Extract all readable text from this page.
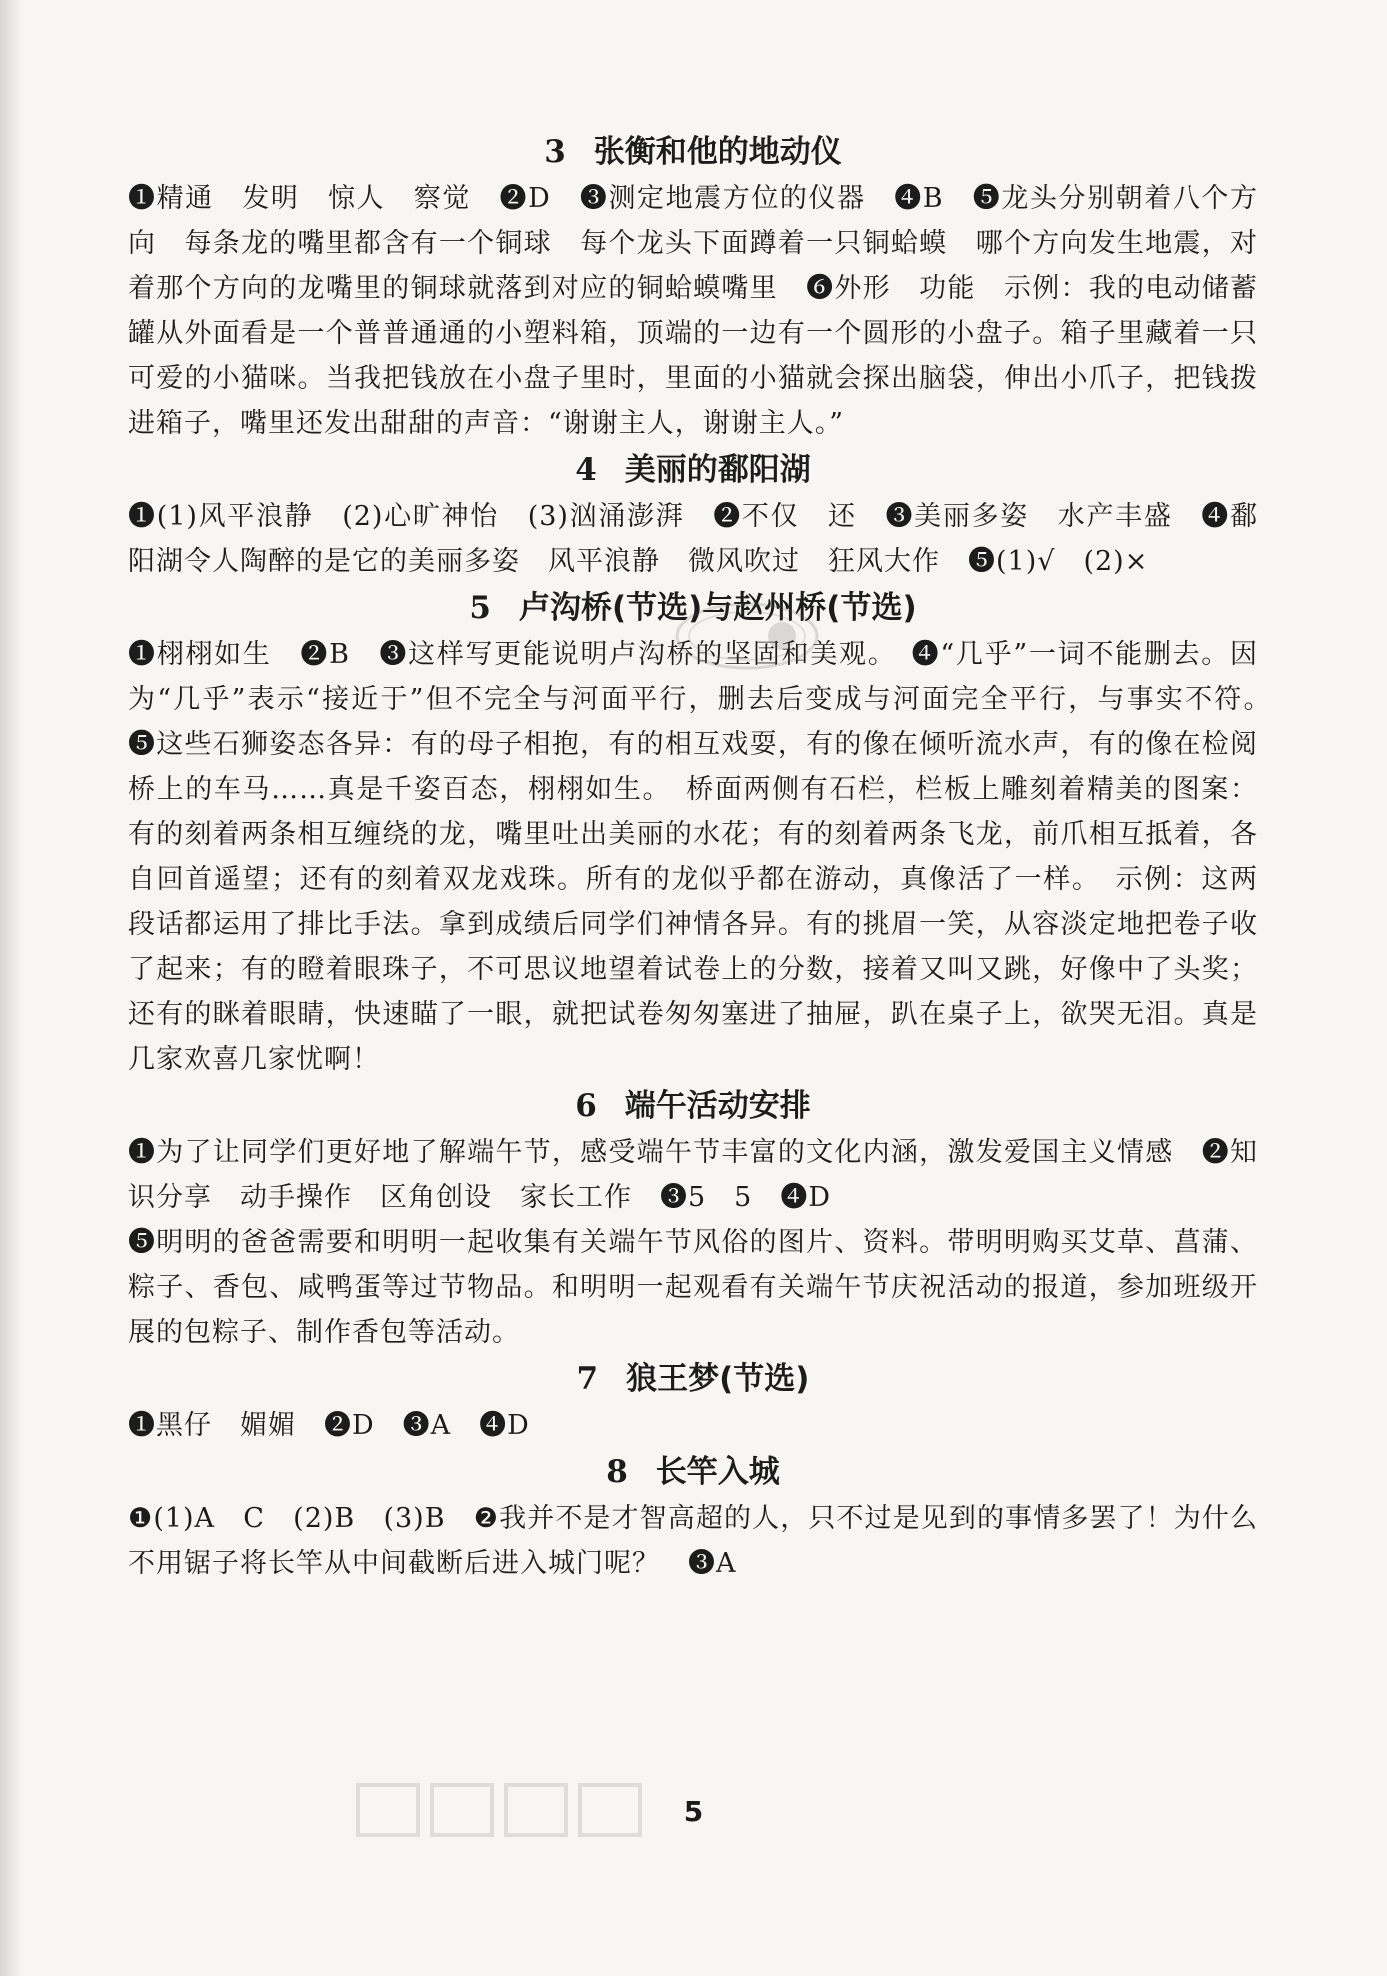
3 张衡和他的地动仪

❶精通　发明　惊人　察觉　❷D　❸测定地震方位的仪器　❹B　❺龙头分别朝着八个方向　每条龙的嘴里都含有一个铜球　每个龙头下面蹲着一只铜蛤蟆　哪个方向发生地震，对着那个方向的龙嘴里的铜球就落到对应的铜蛤蟆嘴里　❻外形　功能　示例：我的电动储蓄罐从外面看是一个普普通通的小塑料箱，顶端的一边有一个圆形的小盘子。箱子里藏着一只可爱的小猫咪。当我把钱放在小盘子里时，里面的小猫就会探出脑袋，伸出小爪子，把钱拨进箱子，嘴里还发出甜甜的声音：“谢谢主人，谢谢主人。”

4 美丽的鄱阳湖

❶(1)风平浪静　(2)心旷神怡　(3)汹涌澎湃　❷不仅　还　❸美丽多姿　水产丰盛　❹鄱阳湖令人陶醉的是它的美丽多姿　风平浪静　微风吹过　狂风大作　❺(1)√　(2)×

5 卢沟桥(节选)与赵州桥(节选)

❶栩栩如生　❷B　❸这样写更能说明卢沟桥的坚固和美观。　❹“几乎”一词不能删去。因为“几乎”表示“接近于”但不完全与河面平行，删去后变成与河面完全平行，与事实不符。　❺这些石狮姿态各异：有的母子相抱，有的相互戏耍，有的像在倾听流水声，有的像在检阅桥上的车马……真是千姿百态，栩栩如生。　桥面两侧有石栏，栏板上雕刻着精美的图案：有的刻着两条相互缠绕的龙，嘴里吐出美丽的水花；有的刻着两条飞龙，前爪相互抵着，各自回首遥望；还有的刻着双龙戏珠。所有的龙似乎都在游动，真像活了一样。　示例：这两段话都运用了排比手法。拿到成绩后同学们神情各异。有的挑眉一笑，从容淡定地把卷子收了起来；有的瞪着眼珠子，不可思议地望着试卷上的分数，接着又叫又跳，好像中了头奖；还有的眯着眼睛，快速瞄了一眼，就把试卷匆匆塞进了抽屉，趴在桌子上，欲哭无泪。真是几家欢喜几家忧啊！

6 端午活动安排

❶为了让同学们更好地了解端午节，感受端午节丰富的文化内涵，激发爱国主义情感　❷知识分享　动手操作　区角创设　家长工作　❸5　5　❹D

❺明明的爸爸需要和明明一起收集有关端午节风俗的图片、资料。带明明购买艾草、菖蒲、粽子、香包、咸鸭蛋等过节物品。和明明一起观看有关端午节庆祝活动的报道，参加班级开展的包粽子、制作香包等活动。

7 狼王梦(节选)

❶黑仔　媚媚　❷D　❸A　❹D

8 长竿入城

❶(1)A　C　(2)B　(3)B　❷我并不是才智高超的人，只不过是见到的事情多罢了！为什么不用锯子将长竿从中间截断后进入城门呢？　❸A

5
